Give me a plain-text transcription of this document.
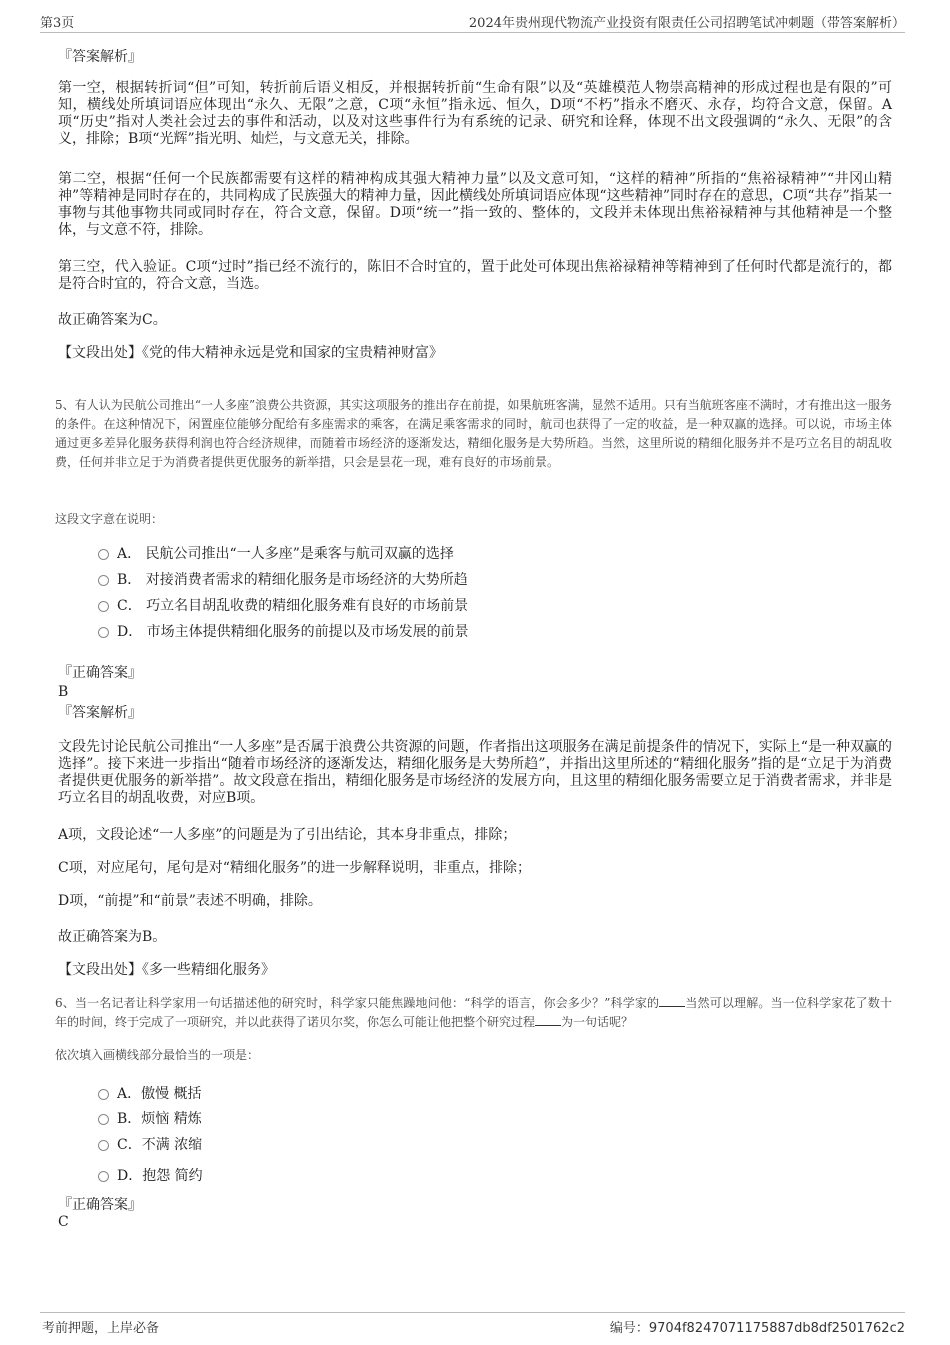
第3页	2024年贵州现代物流产业投资有限责任公司招聘笔试冲刺题（带答案解析）
『答案解析』
第一空，根据转折词“但”可知，转折前后语义相反，并根据转折前“生命有限”以及“英雄模范人物崇高精神的形成过程也是有限的”可知，横线处所填词语应体现出“永久、无限”之意，C项“永恒”指永远、恒久，D项“不朽”指永不磨灭、永存，均符合文意，保留。A项“历史”指对人类社会过去的事件和活动，以及对这些事件行为有系统的记录、研究和诠释，体现不出文段强调的“永久、无限”的含义，排除；B项“光辉”指光明、灿烂，与文意无关，排除。
第二空，根据“任何一个民族都需要有这样的精神构成其强大精神力量”以及文意可知，“这样的精神”所指的“焦裕禄精神”“井冈山精神”等精神是同时存在的，共同构成了民族强大的精神力量，因此横线处所填词语应体现“这些精神”同时存在的意思，C项“共存”指某一事物与其他事物共同或同时存在，符合文意，保留。D项“统一”指一致的、整体的，文段并未体现出焦裕禄精神与其他精神是一个整体，与文意不符，排除。
第三空，代入验证。C项“过时”指已经不流行的，陈旧不合时宜的，置于此处可体现出焦裕禄精神等精神到了任何时代都是流行的，都是符合时宜的，符合文意，当选。
故正确答案为C。
【文段出处】《党的伟大精神永远是党和国家的宝贵精神财富》
5、有人认为民航公司推出“一人多座”浪费公共资源，其实这项服务的推出存在前提，如果航班客满，显然不适用。只有当航班客座不满时，才有推出这一服务的条件。在这种情况下，闲置座位能够分配给有多座需求的乘客，在满足乘客需求的同时，航司也获得了一定的收益，是一种双赢的选择。可以说，市场主体通过更多差异化服务获得利润也符合经济规律，而随着市场经济的逐渐发达，精细化服务是大势所趋。当然，这里所说的精细化服务并不是巧立名目的胡乱收费，任何并非立足于为消费者提供更优服务的新举措，只会是昙花一现，难有良好的市场前景。
这段文字意在说明：
A． 民航公司推出“一人多座”是乘客与航司双赢的选择
B． 对接消费者需求的精细化服务是市场经济的大势所趋
C． 巧立名目胡乱收费的精细化服务难有良好的市场前景
D． 市场主体提供精细化服务的前提以及市场发展的前景
『正确答案』
B
『答案解析』
文段先讨论民航公司推出“一人多座”是否属于浪费公共资源的问题，作者指出这项服务在满足前提条件的情况下，实际上“是一种双赢的选择”。接下来进一步指出“随着市场经济的逐渐发达，精细化服务是大势所趋”，并指出这里所述的“精细化服务”指的是“立足于为消费者提供更优服务的新举措”。故文段意在指出，精细化服务是市场经济的发展方向，且这里的精细化服务需要立足于消费者需求，并非是巧立名目的胡乱收费，对应B项。
A项，文段论述“一人多座”的问题是为了引出结论，其本身非重点，排除；
C项，对应尾句，尾句是对“精细化服务”的进一步解释说明，非重点，排除；
D项，“前提”和“前景”表述不明确，排除。
故正确答案为B。
【文段出处】《多一些精细化服务》
6、当一名记者让科学家用一句话描述他的研究时，科学家只能焦躁地问他：“科学的语言，你会多少？”科学家的 当然可以理解。当一位科学家花了数十年的时间，终于完成了一项研究，并以此获得了诺贝尔奖，你怎么可能让他把整个研究过程 为一句话呢？
依次填入画横线部分最恰当的一项是：
A．傲慢 概括
B．烦恼 精炼
C．不满 浓缩
D．抱怨 简约
『正确答案』
C
考前押题，上岸必备	编号：9704f8247071175887db8df2501762c2
